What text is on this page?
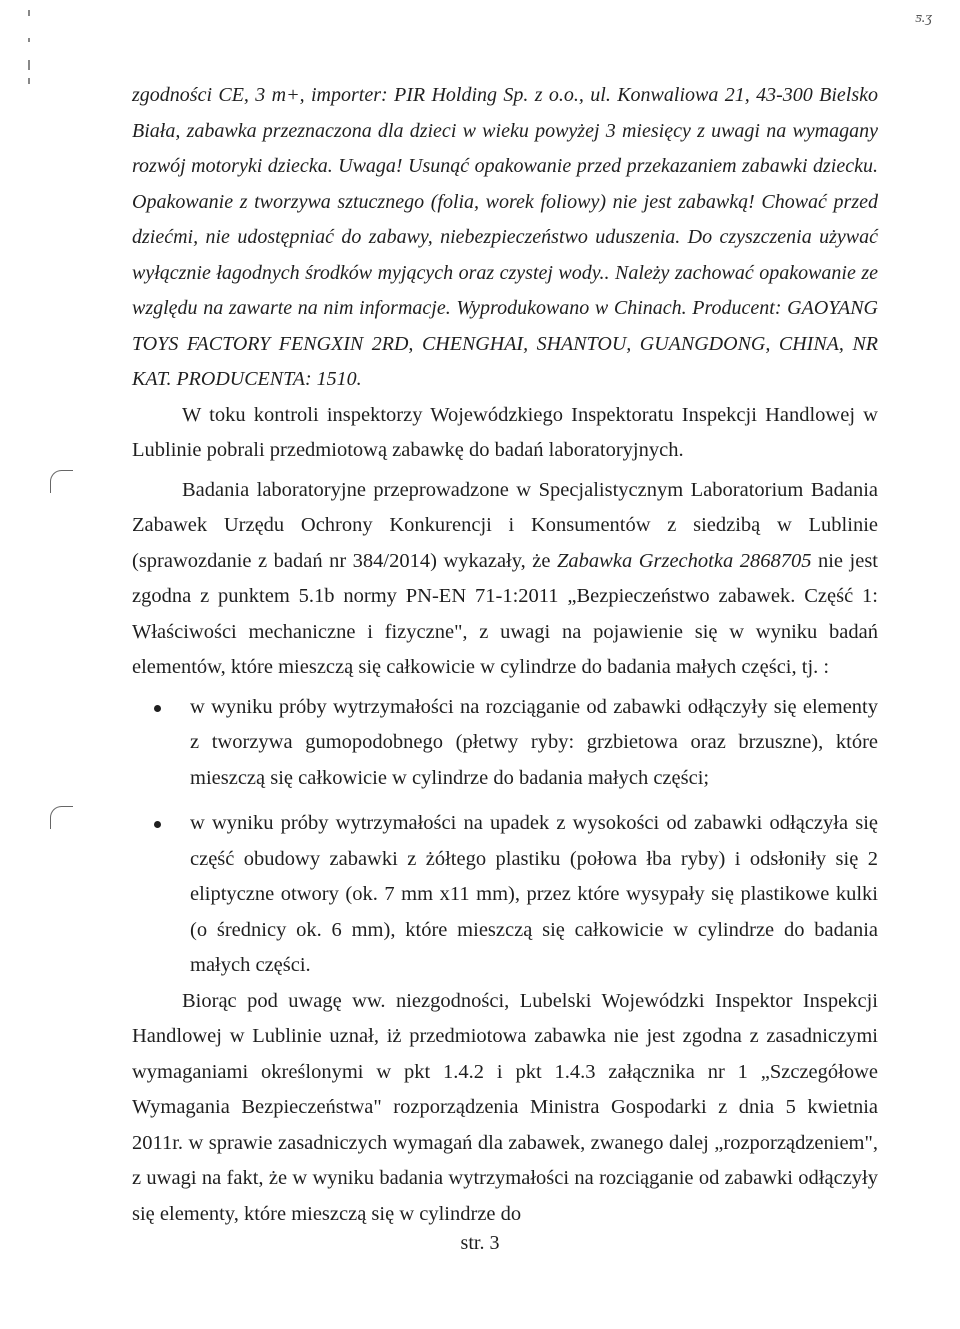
ƽ.ʒ

zgodności CE, 3 m+, importer: PIR Holding Sp. z o.o., ul. Konwaliowa 21, 43-300 Bielsko Biała, zabawka przeznaczona dla dzieci w wieku powyżej 3 miesięcy z uwagi na wymagany rozwój motoryki dziecka. Uwaga! Usunąć opakowanie przed przekazaniem zabawki dziecku. Opakowanie z tworzywa sztucznego (folia, worek foliowy) nie jest zabawką! Chować przed dziećmi, nie udostępniać do zabawy, niebezpieczeństwo uduszenia. Do czyszczenia używać wyłącznie łagodnych środków myjących oraz czystej wody.. Należy zachować opakowanie ze względu na zawarte na nim informacje. Wyprodukowano w Chinach. Producent: GAOYANG TOYS FACTORY FENGXIN 2RD, CHENGHAI, SHANTOU, GUANGDONG, CHINA, NR KAT. PRODUCENTA: 1510.

W toku kontroli inspektorzy Wojewódzkiego Inspektoratu Inspekcji Handlowej w Lublinie pobrali przedmiotową zabawkę do badań laboratoryjnych.

Badania laboratoryjne przeprowadzone w Specjalistycznym Laboratorium Badania Zabawek Urzędu Ochrony Konkurencji i Konsumentów z siedzibą w Lublinie (sprawozdanie z badań nr 384/2014) wykazały, że Zabawka Grzechotka 2868705 nie jest zgodna z punktem 5.1b normy PN-EN 71-1:2011 „Bezpieczeństwo zabawek. Część 1: Właściwości mechaniczne i fizyczne", z uwagi na pojawienie się w wyniku badań elementów, które mieszczą się całkowicie w cylindrze do badania małych części, tj. :

w wyniku próby wytrzymałości na rozciąganie od zabawki odłączyły się elementy z tworzywa gumopodobnego (płetwy ryby: grzbietowa oraz brzuszne), które mieszczą się całkowicie w cylindrze do badania małych części;
w wyniku próby wytrzymałości na upadek z wysokości od zabawki odłączyła się część obudowy zabawki z żółtego plastiku (połowa łba ryby) i odsłoniły się 2 eliptyczne otwory (ok. 7 mm x11 mm), przez które wysypały się plastikowe kulki (o średnicy ok. 6 mm), które mieszczą się całkowicie w cylindrze do badania małych części.

Biorąc pod uwagę ww. niezgodności, Lubelski Wojewódzki Inspektor Inspekcji Handlowej w Lublinie uznał, iż przedmiotowa zabawka nie jest zgodna z zasadniczymi wymaganiami określonymi w pkt 1.4.2 i pkt 1.4.3 załącznika nr 1 „Szczegółowe Wymagania Bezpieczeństwa" rozporządzenia Ministra Gospodarki z dnia 5 kwietnia 2011r. w sprawie zasadniczych wymagań dla zabawek, zwanego dalej „rozporządzeniem", z uwagi na fakt, że w wyniku badania wytrzymałości na rozciąganie od zabawki odłączyły się elementy, które mieszczą się w cylindrze do

str. 3
